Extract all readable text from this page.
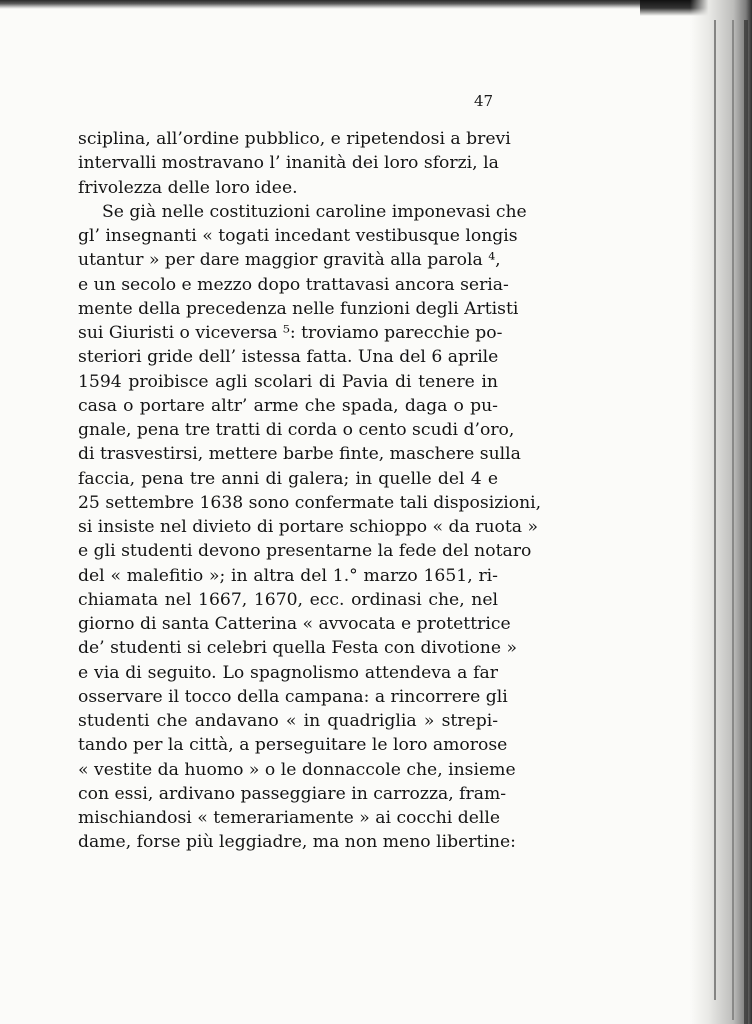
47
sciplina, all’ordine pubblico, e ripetendosi a brevi
intervalli mostravano l’ inanità dei loro sforzi, la
frivolezza delle loro idee.
Se già nelle costituzioni caroline imponevasi che
gl’ insegnanti « togati incedant vestibusque longis
utantur » per dare maggior gravità alla parola ⁴,
e un secolo e mezzo dopo trattavasi ancora seria-
mente della precedenza nelle funzioni degli Artisti
sui Giuristi o viceversa ⁵: troviamo parecchie po-
steriori gride dell’ istessa fatta. Una del 6 aprile
1594 proibisce agli scolari di Pavia di tenere in
casa o portare altr’ arme che spada, daga o pu-
gnale, pena tre tratti di corda o cento scudi d’oro,
di trasvestirsi, mettere barbe finte, maschere sulla
faccia, pena tre anni di galera; in quelle del 4 e
25 settembre 1638 sono confermate tali disposizioni,
si insiste nel divieto di portare schioppo « da ruota »
e gli studenti devono presentarne la fede del notaro
del « malefitio »; in altra del 1.° marzo 1651, ri-
chiamata nel 1667, 1670, ecc. ordinasi che, nel
giorno di santa Catterina « avvocata e protettrice
de’ studenti si celebri quella Festa con divotione »
e via di seguito. Lo spagnolismo attendeva a far
osservare il tocco della campana: a rincorrere gli
studenti che andavano « in quadriglia » strepi-
tando per la città, a perseguitare le loro amorose
« vestite da huomo » o le donnaccole che, insieme
con essi, ardivano passeggiare in carrozza, fram-
mischiandosi « temerariamente » ai cocchi delle
dame, forse più leggiadre, ma non meno libertine:
